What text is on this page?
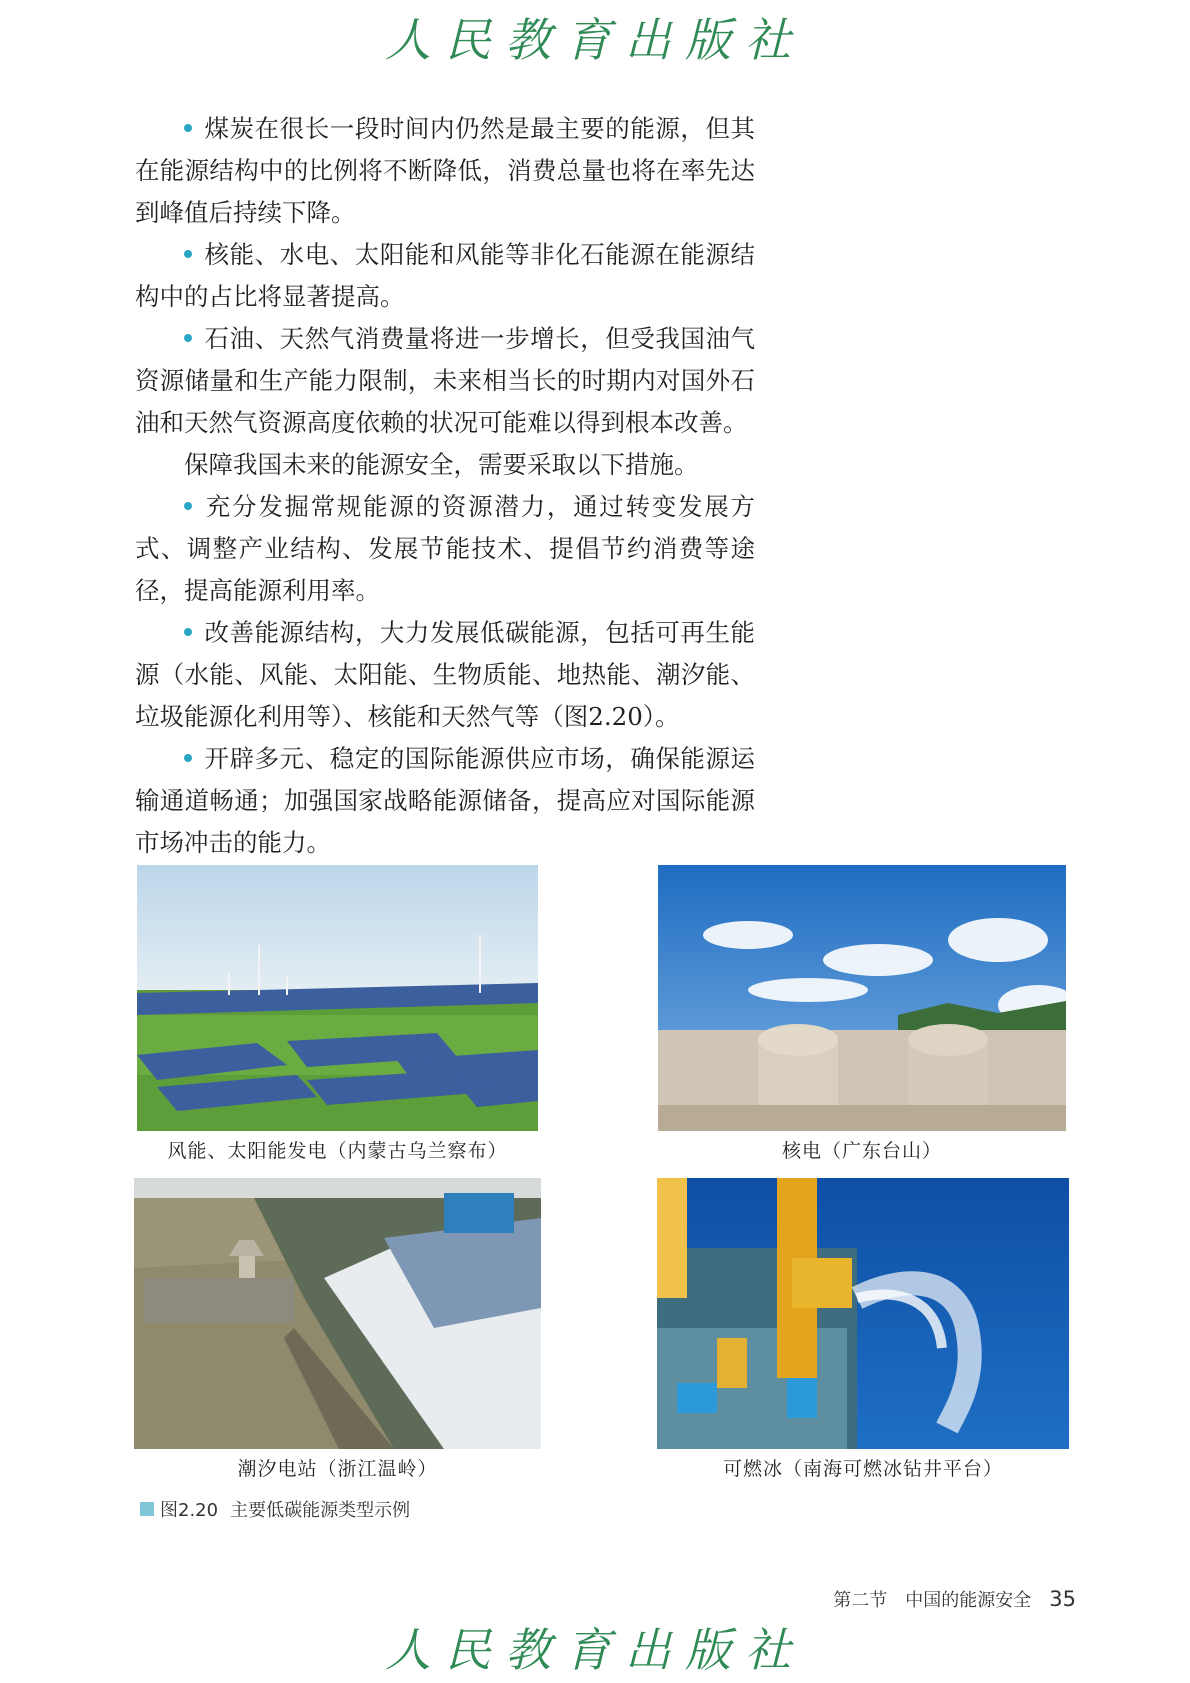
人民教育出版社

煤炭在很长一段时间内仍然是最主要的能源，但其在能源结构中的比例将不断降低，消费总量也将在率先达到峰值后持续下降。

核能、水电、太阳能和风能等非化石能源在能源结构中的占比将显著提高。

石油、天然气消费量将进一步增长，但受我国油气资源储量和生产能力限制，未来相当长的时期内对国外石油和天然气资源高度依赖的状况可能难以得到根本改善。

保障我国未来的能源安全，需要采取以下措施。

充分发掘常规能源的资源潜力，通过转变发展方式、调整产业结构、发展节能技术、提倡节约消费等途径，提高能源利用率。

改善能源结构，大力发展低碳能源，包括可再生能源（水能、风能、太阳能、生物质能、地热能、潮汐能、垃圾能源化利用等）、核能和天然气等（图2.20）。

开辟多元、稳定的国际能源供应市场，确保能源运输通道畅通；加强国家战略能源储备，提高应对国际能源市场冲击的能力。

风能、太阳能发电（内蒙古乌兰察布）	核电（广东台山）
潮汐电站（浙江温岭）	可燃冰（南海可燃冰钻井平台）
图2.20 主要低碳能源类型示例
第二节 中国的能源安全 35
人民教育出版社
